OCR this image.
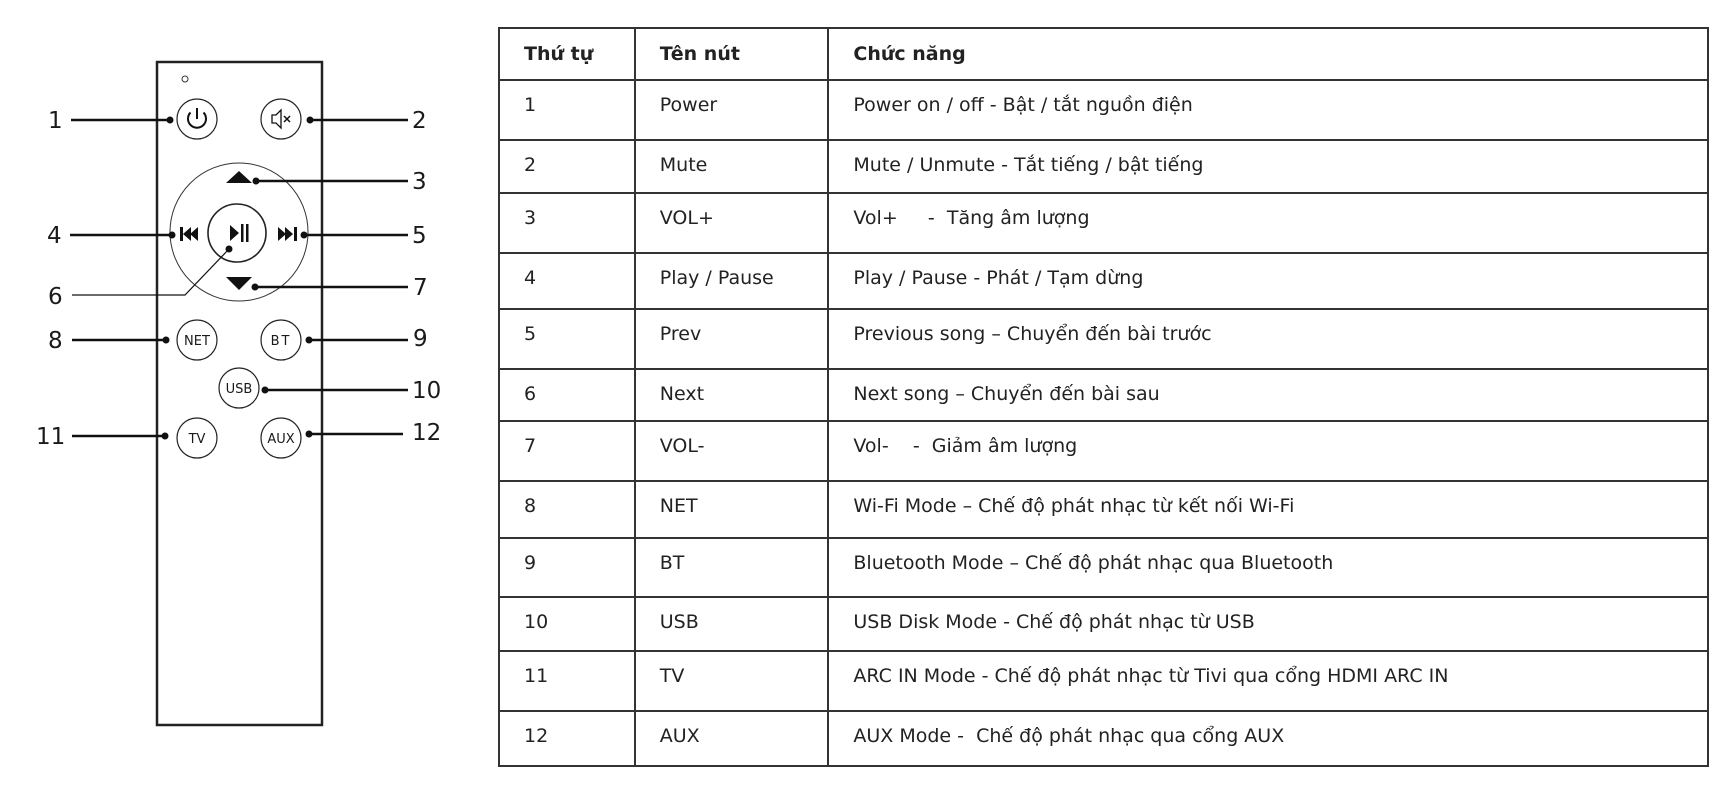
NET	BT
USB
TV	AUX
1	2
3
4	5
6	7
8	9
10
11	12
Thứ tự	Tên nút	Chức năng
1	Power	Power on / off - Bật / tắt nguồn điện
2	Mute	Mute / Unmute - Tắt tiếng / bật tiếng
3	VOL+	Vol+     -  Tăng âm lượng
4	Play / Pause	Play / Pause - Phát / Tạm dừng
5	Prev	Previous song – Chuyển đến bài trước
6	Next	Next song – Chuyển đến bài sau
7	VOL-	Vol-    -  Giảm âm lượng
8	NET	Wi-Fi Mode – Chế độ phát nhạc từ kết nối Wi-Fi
9	BT	Bluetooth Mode – Chế độ phát nhạc qua Bluetooth
10	USB	USB Disk Mode - Chế độ phát nhạc từ USB
11	TV	ARC IN Mode - Chế độ phát nhạc từ Tivi qua cổng HDMI ARC IN
12	AUX	AUX Mode -  Chế độ phát nhạc qua cổng AUX
